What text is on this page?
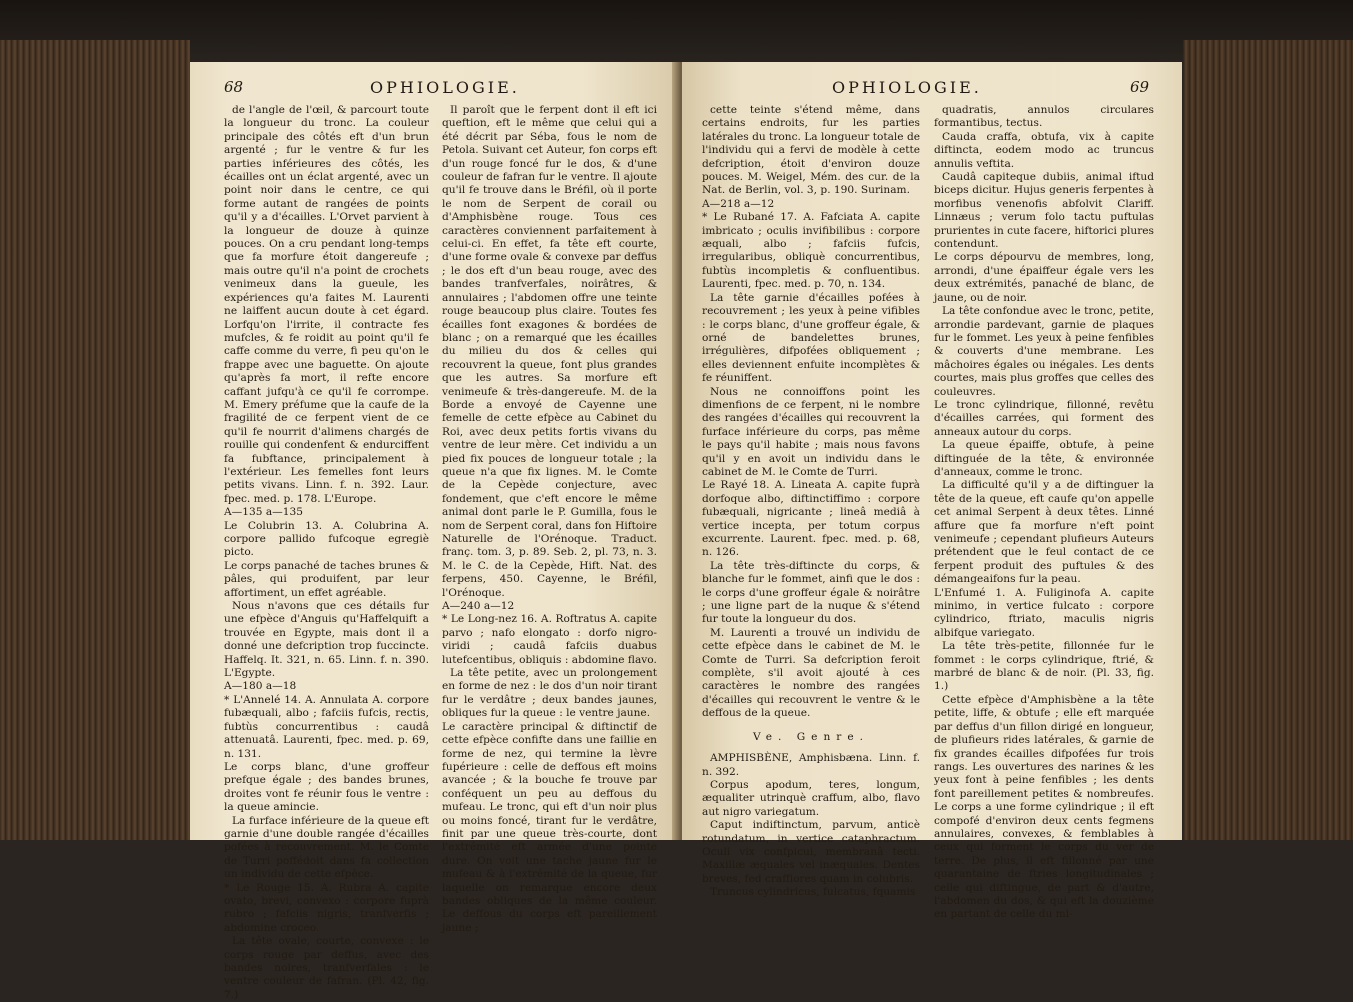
68	OPHIOLOGIE.

de l'angle de l'œil, & parcourt toute la longueur du tronc. La couleur principale des côtés eft d'un brun argenté ; fur le ventre & fur les parties inférieures des côtés, les écailles ont un éclat argenté, avec un point noir dans le centre, ce qui forme autant de rangées de points qu'il y a d'écailles. L'Orvet parvient à la longueur de douze à quinze pouces. On a cru pendant long-temps que fa morfure étoit dangereufe ; mais outre qu'il n'a point de crochets venimeux dans la gueule, les expériences qu'a faites M. Laurenti ne laiffent aucun doute à cet égard. Lorfqu'on l'irrite, il contracte fes mufcles, & fe roidit au point qu'il fe caffe comme du verre, fi peu qu'on le frappe avec une baguette. On ajoute qu'après fa mort, il refte encore caffant jufqu'à ce qu'il fe corrompe. M. Emery préfume que la caufe de la fragilité de ce ferpent vient de ce qu'il fe nourrit d'alimens chargés de rouille qui condenfent & endurciffent fa fubftance, principalement à l'extérieur. Les femelles font leurs petits vivans. Linn. f. n. 392. Laur. fpec. med. p. 178. L'Europe.

A—135 a—135

Le Colubrin 13. A. Colubrina A. corpore pallido fufcoque egregiè picto.

Le corps panaché de taches brunes & pâles, qui produifent, par leur affortiment, un effet agréable.

Nous n'avons que ces détails fur une efpèce d'Anguis qu'Haffelquift a trouvée en Egypte, mais dont il a donné une defcription trop fuccincte. Haffelq. It. 321, n. 65. Linn. f. n. 390. L'Egypte.

A—180 a—18

* L'Annelé 14. A. Annulata A. corpore fubæquali, albo ; fafciis fufcis, rectis, fubtùs concurrentibus : caudâ attenuatâ. Laurenti, fpec. med. p. 69, n. 131.

Le corps blanc, d'une groffeur prefque égale ; des bandes brunes, droites vont fe réunir fous le ventre : la queue amincie.

La furface inférieure de la queue eft garnie d'une double rangée d'écailles pofées à recouvrement. M. le Comte de Turri poffédoit dans fa collection un individu de cette efpèce.

* Le Rouge 15. A. Rubra A. capite ovato, brevi, convexo : corpore fuprà rubro ; fafciis nigris, tranfverfis ; abdomine croceo.

La tête ovale, courte, convexe : le corps rouge par deffus, avec des bandes noires, tranfverfales : le ventre couleur de fafran. (Pl. 42, fig. 7.)

Il paroît que le ferpent dont il eft ici queftion, eft le même que celui qui a été décrit par Séba, fous le nom de Petola. Suivant cet Auteur, fon corps eft d'un rouge foncé fur le dos, & d'une couleur de fafran fur le ventre. Il ajoute qu'il fe trouve dans le Bréfil, où il porte le nom de Serpent de corail ou d'Amphisbène rouge. Tous ces caractères conviennent parfaitement à celui-ci. En effet, fa tête eft courte, d'une forme ovale & convexe par deffus ; le dos eft d'un beau rouge, avec des bandes tranfverfales, noirâtres, & annulaires ; l'abdomen offre une teinte rouge beaucoup plus claire. Toutes fes écailles font exagones & bordées de blanc ; on a remarqué que les écailles du milieu du dos & celles qui recouvrent la queue, font plus grandes que les autres. Sa morfure eft venimeufe & très-dangereufe. M. de la Borde a envoyé de Cayenne une femelle de cette efpèce au Cabinet du Roi, avec deux petits fortis vivans du ventre de leur mère. Cet individu a un pied fix pouces de longueur totale ; la queue n'a que fix lignes. M. le Comte de la Cepède conjecture, avec fondement, que c'eft encore le même animal dont parle le P. Gumilla, fous le nom de Serpent coral, dans fon Hiftoire Naturelle de l'Orénoque. Traduct. franç. tom. 3, p. 89. Seb. 2, pl. 73, n. 3. M. le C. de la Cepède, Hift. Nat. des ferpens, 450. Cayenne, le Bréfil, l'Orénoque.

A—240 a—12

* Le Long-nez 16. A. Roftratus A. capite parvo ; nafo elongato : dorfo nigro-viridi ; caudâ fafciis duabus lutefcentibus, obliquis : abdomine flavo.

La tête petite, avec un prolongement en forme de nez : le dos d'un noir tirant fur le verdâtre ; deux bandes jaunes, obliques fur la queue : le ventre jaune.

Le caractère principal & diftinctif de cette efpèce confifte dans une faillie en forme de nez, qui termine la lèvre fupérieure : celle de deffous eft moins avancée ; & la bouche fe trouve par conféquent un peu au deffous du mufeau. Le tronc, qui eft d'un noir plus ou moins foncé, tirant fur le verdâtre, finit par une queue très-courte, dont l'extrémité eft armée d'une pointe dure. On voit une tache jaune fur le mufeau & à l'extrémité de la queue, fur laquelle on remarque encore deux bandes obliques de la même couleur. Le deffous du corps eft pareillement jaune ;

OPHIOLOGIE.	69

cette teinte s'étend même, dans certains endroits, fur les parties latérales du tronc. La longueur totale de l'individu qui a fervi de modèle à cette defcription, étoit d'environ douze pouces. M. Weigel, Mém. des cur. de la Nat. de Berlin, vol. 3, p. 190. Surinam.

A—218 a—12

* Le Rubané 17. A. Fafciata A. capite imbricato ; oculis invifibilibus : corpore æquali, albo ; fafciis fufcis, irregularibus, obliquè concurrentibus, fubtùs incompletis & confluentibus. Laurenti, fpec. med. p. 70, n. 134.

La tête garnie d'écailles pofées à recouvrement ; les yeux à peine vifibles : le corps blanc, d'une groffeur égale, & orné de bandelettes brunes, irrégulières, difpofées obliquement ; elles deviennent enfuite incomplètes & fe réuniffent.

Nous ne connoiffons point les dimenfions de ce ferpent, ni le nombre des rangées d'écailles qui recouvrent la furface inférieure du corps, pas même le pays qu'il habite ; mais nous favons qu'il y en avoit un individu dans le cabinet de M. le Comte de Turri.

Le Rayé 18. A. Lineata A. capite fuprà dorfoque albo, diftinctiffimo : corpore fubæquali, nigricante ; lineâ mediâ à vertice incepta, per totum corpus excurrente. Laurent. fpec. med. p. 68, n. 126.

La tête très-diftincte du corps, & blanche fur le fommet, ainfi que le dos : le corps d'une groffeur égale & noirâtre ; une ligne part de la nuque & s'étend fur toute la longueur du dos.

M. Laurenti a trouvé un individu de cette efpèce dans le cabinet de M. le Comte de Turri. Sa defcription feroit complète, s'il avoit ajouté à ces caractères le nombre des rangées d'écailles qui recouvrent le ventre & le deffous de la queue.

Ve. Genre.

AMPHISBÈNE, Amphisbæna. Linn. f. n. 392.

Corpus apodum, teres, longum, æqualiter utrinquè craffum, albo, flavo aut nigro variegatum.

Caput indiftinctum, parvum, anticè rotundatum, in vertice cataphractum. Oculi vix confpicui, membranâ tecti. Maxillæ æquales vel inæquales. Dentes breves, fed craffiores quam in colubris.

Truncus cylindricus, fulcatus, fquamis

quadratis, annulos circulares formantibus, tectus.

Cauda craffa, obtufa, vix à capite diftincta, eodem modo ac truncus annulis veftita.

Caudâ capiteque dubiis, animal iftud biceps dicitur. Hujus generis ferpentes à morfibus venenofis abfolvit Clariff. Linnæus ; verum folo tactu puftulas prurientes in cute facere, hiftorici plures contendunt.

Le corps dépourvu de membres, long, arrondi, d'une épaiffeur égale vers les deux extrémités, panaché de blanc, de jaune, ou de noir.

La tête confondue avec le tronc, petite, arrondie pardevant, garnie de plaques fur le fommet. Les yeux à peine fenfibles & couverts d'une membrane. Les mâchoires égales ou inégales. Les dents courtes, mais plus groffes que celles des couleuvres.

Le tronc cylindrique, fillonné, revêtu d'écailles carrées, qui forment des anneaux autour du corps.

La queue épaiffe, obtufe, à peine diftinguée de la tête, & environnée d'anneaux, comme le tronc.

La difficulté qu'il y a de diftinguer la tête de la queue, eft caufe qu'on appelle cet animal Serpent à deux têtes. Linné affure que fa morfure n'eft point venimeufe ; cependant plufieurs Auteurs prétendent que le feul contact de ce ferpent produit des puftules & des démangeaifons fur la peau.

L'Enfumé 1. A. Fuliginofa A. capite minimo, in vertice fulcato : corpore cylindrico, ftriato, maculis nigris albifque variegato.

La tête très-petite, fillonnée fur le fommet : le corps cylindrique, ftrié, & marbré de blanc & de noir. (Pl. 33, fig. 1.)

Cette efpèce d'Amphisbène a la tête petite, liffe, & obtufe ; elle eft marquée par deffus d'un fillon dirigé en longueur, de plufieurs rides latérales, & garnie de fix grandes écailles difpofées fur trois rangs. Les ouvertures des narines & les yeux font à peine fenfibles ; les dents font pareillement petites & nombreufes. Le corps a une forme cylindrique ; il eft compofé d'environ deux cents fegmens annulaires, convexes, & femblables à ceux qui forment le corps du ver de terre. De plus, il eft fillonné par une quarantaine de ftries longitudinales ; celle qui diftingue, de part & d'autre, l'abdomen du dos, & qui eft la douzième en partant de celle du mi-
